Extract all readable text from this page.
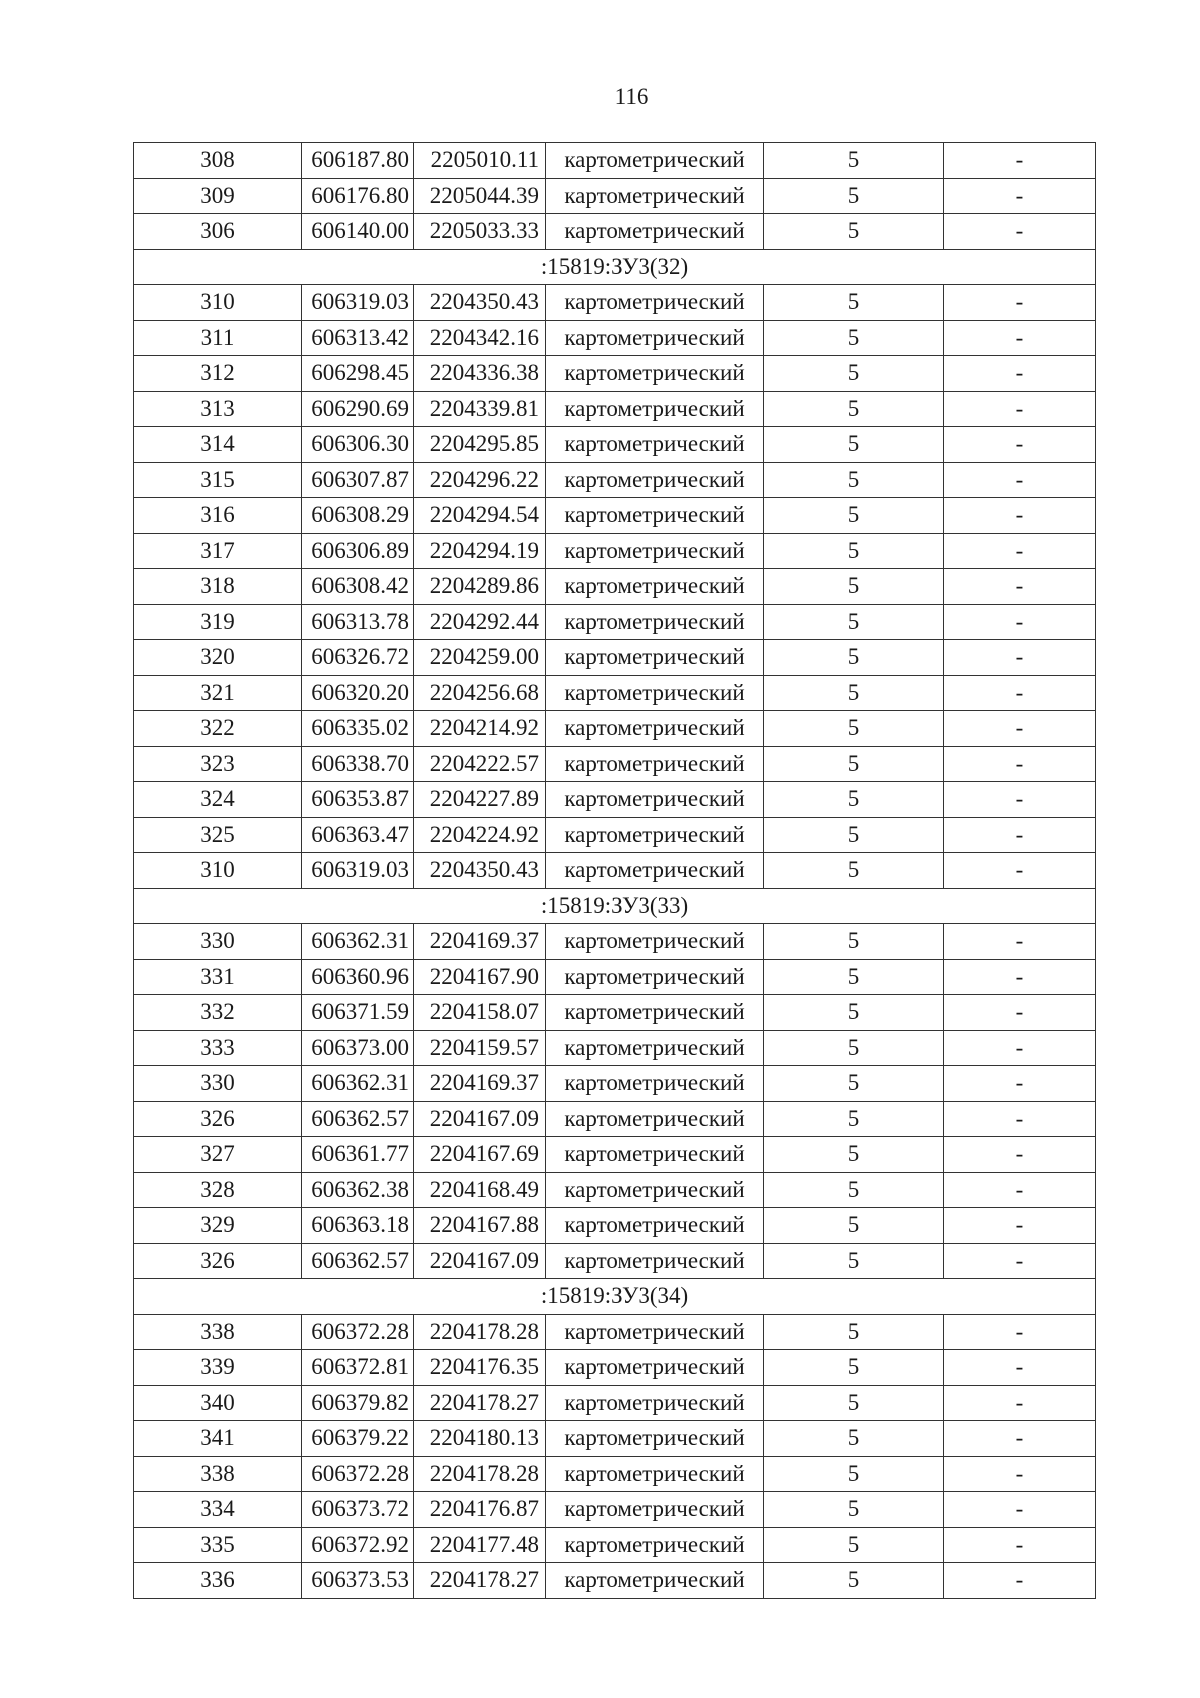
116
308	606187.80	2205010.11	картометрический	5	-
309	606176.80	2205044.39	картометрический	5	-
306	606140.00	2205033.33	картометрический	5	-
:15819:ЗУ3(32)					
310	606319.03	2204350.43	картометрический	5	-
311	606313.42	2204342.16	картометрический	5	-
312	606298.45	2204336.38	картометрический	5	-
313	606290.69	2204339.81	картометрический	5	-
314	606306.30	2204295.85	картометрический	5	-
315	606307.87	2204296.22	картометрический	5	-
316	606308.29	2204294.54	картометрический	5	-
317	606306.89	2204294.19	картометрический	5	-
318	606308.42	2204289.86	картометрический	5	-
319	606313.78	2204292.44	картометрический	5	-
320	606326.72	2204259.00	картометрический	5	-
321	606320.20	2204256.68	картометрический	5	-
322	606335.02	2204214.92	картометрический	5	-
323	606338.70	2204222.57	картометрический	5	-
324	606353.87	2204227.89	картометрический	5	-
325	606363.47	2204224.92	картометрический	5	-
310	606319.03	2204350.43	картометрический	5	-
:15819:ЗУ3(33)					
330	606362.31	2204169.37	картометрический	5	-
331	606360.96	2204167.90	картометрический	5	-
332	606371.59	2204158.07	картометрический	5	-
333	606373.00	2204159.57	картометрический	5	-
330	606362.31	2204169.37	картометрический	5	-
326	606362.57	2204167.09	картометрический	5	-
327	606361.77	2204167.69	картометрический	5	-
328	606362.38	2204168.49	картометрический	5	-
329	606363.18	2204167.88	картометрический	5	-
326	606362.57	2204167.09	картометрический	5	-
:15819:ЗУ3(34)					
338	606372.28	2204178.28	картометрический	5	-
339	606372.81	2204176.35	картометрический	5	-
340	606379.82	2204178.27	картометрический	5	-
341	606379.22	2204180.13	картометрический	5	-
338	606372.28	2204178.28	картометрический	5	-
334	606373.72	2204176.87	картометрический	5	-
335	606372.92	2204177.48	картометрический	5	-
336	606373.53	2204178.27	картометрический	5	-
